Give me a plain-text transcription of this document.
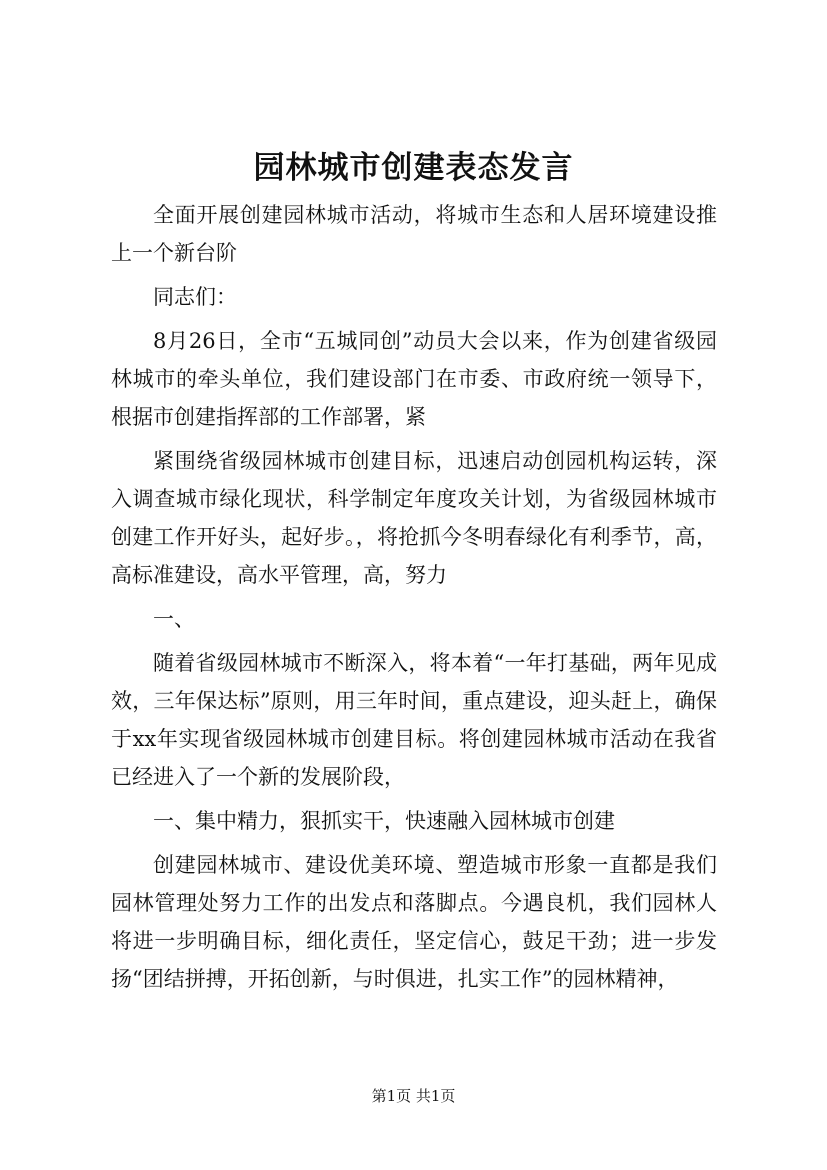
园林城市创建表态发言

全面开展创建园林城市活动，将城市生态和人居环境建设推上一个新台阶

同志们：

8月26日，全市“五城同创”动员大会以来，作为创建省级园林城市的牵头单位，我们建设部门在市委、市政府统一领导下，根据市创建指挥部的工作部署，紧

紧围绕省级园林城市创建目标，迅速启动创园机构运转，深入调查城市绿化现状，科学制定年度攻关计划，为省级园林城市创建工作开好头，起好步。，将抢抓今冬明春绿化有利季节，高，高标准建设，高水平管理，高，努力

一、

随着省级园林城市不断深入，将本着“一年打基础，两年见成效，三年保达标”原则，用三年时间，重点建设，迎头赶上，确保于xx年实现省级园林城市创建目标。将创建园林城市活动在我省已经进入了一个新的发展阶段，

一、集中精力，狠抓实干，快速融入园林城市创建

创建园林城市、建设优美环境、塑造城市形象一直都是我们园林管理处努力工作的出发点和落脚点。今遇良机，我们园林人将进一步明确目标，细化责任，坚定信心，鼓足干劲；进一步发扬“团结拼搏，开拓创新，与时俱进，扎实工作”的园林精神，

第1页 共1页
